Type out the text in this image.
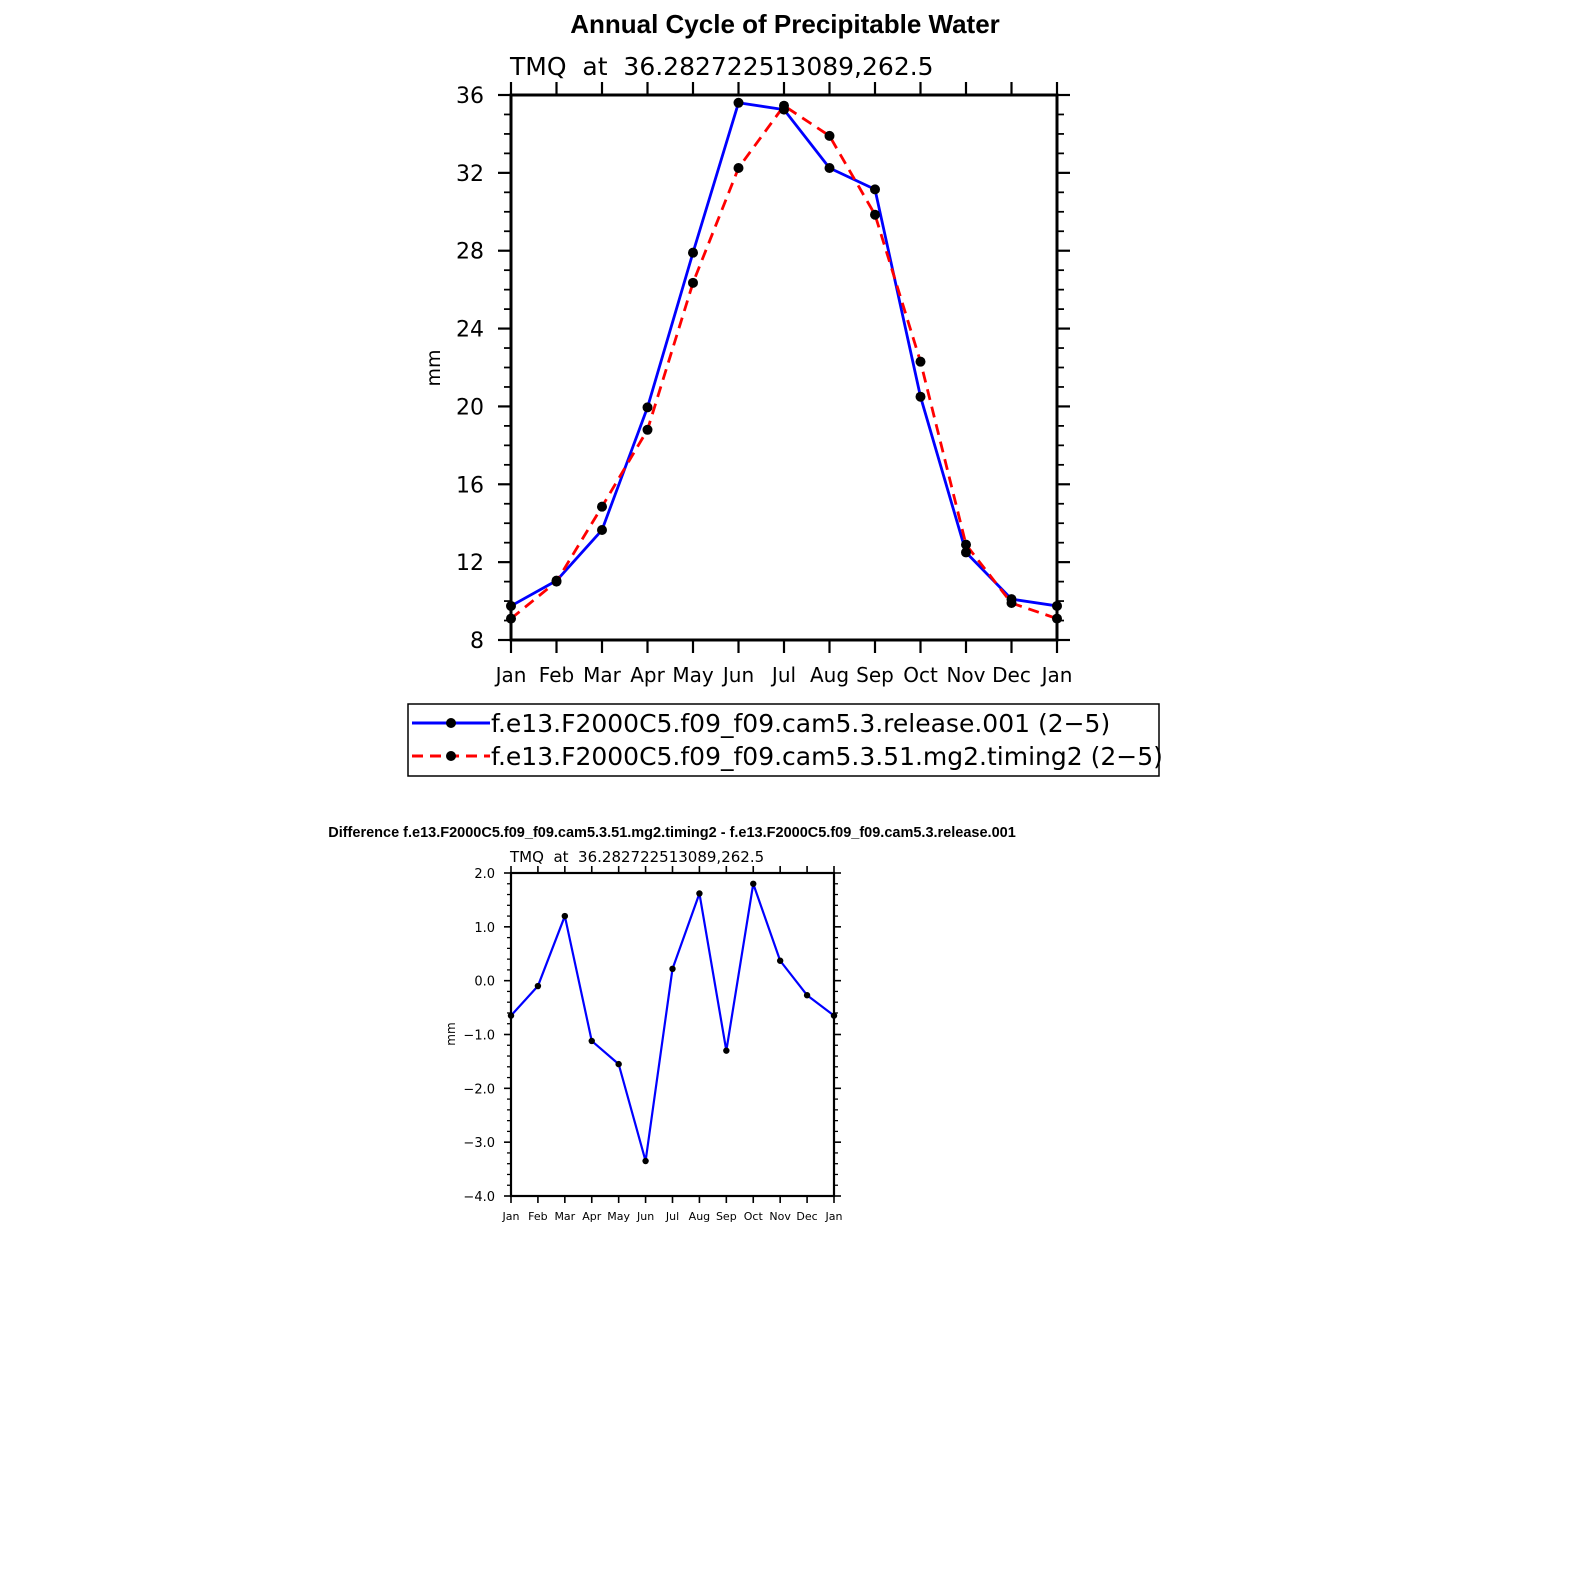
Annual Cycle of Precipitable Water
TMQ  at  36.282722513089,262.5
mm
Jan Feb Mar Apr May Jun Jul Aug Sep Oct Nov Dec Jan
8
12
16
20
24
28
32
36
f.e13.F2000C5.f09_f09.cam5.3.release.001 (2−5)
f.e13.F2000C5.f09_f09.cam5.3.51.mg2.timing2 (2−5)
Difference f.e13.F2000C5.f09_f09.cam5.3.51.mg2.timing2 - f.e13.F2000C5.f09_f09.cam5.3.release.001
TMQ  at  36.282722513089,262.5
mm
Jan Feb Mar Apr May Jun Jul Aug Sep Oct Nov Dec Jan
−4.0
−3.0
−2.0
−1.0
0.0
1.0
2.0
